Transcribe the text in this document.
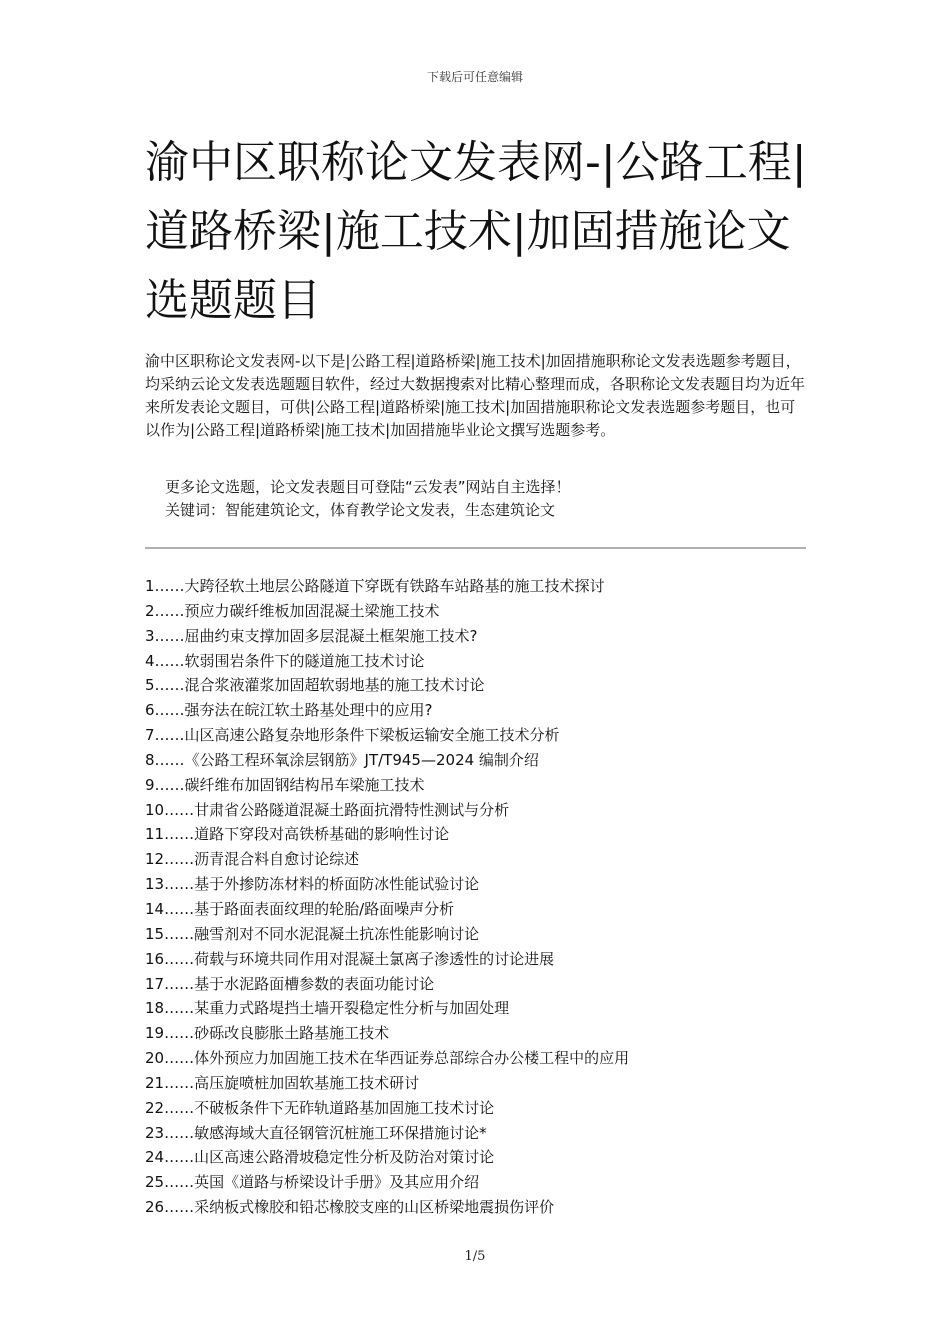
下载后可任意编辑
渝中区职称论文发表网-|公路工程|道路桥梁|施工技术|加固措施论文选题题目

渝中区职称论文发表网-以下是|公路工程|道路桥梁|施工技术|加固措施职称论文发表选题参考题目，均采纳云论文发表选题题目软件，经过大数据搜索对比精心整理而成，各职称论文发表题目均为近年来所发表论文题目，可供|公路工程|道路桥梁|施工技术|加固措施职称论文发表选题参考题目，也可以作为|公路工程|道路桥梁|施工技术|加固措施毕业论文撰写选题参考。

更多论文选题，论文发表题目可登陆“云发表”网站自主选择！
关键词：智能建筑论文，体育教学论文发表，生态建筑论文
1……大跨径软土地层公路隧道下穿既有铁路车站路基的施工技术探讨
2……预应力碳纤维板加固混凝土梁施工技术
3……屈曲约束支撑加固多层混凝土框架施工技术?
4……软弱围岩条件下的隧道施工技术讨论
5……混合浆液灌浆加固超软弱地基的施工技术讨论
6……强夯法在皖江软土路基处理中的应用?
7……山区高速公路复杂地形条件下梁板运输安全施工技术分析
8……《公路工程环氧涂层钢筋》JT/T945—2024 编制介绍
9……碳纤维布加固钢结构吊车梁施工技术
10……甘肃省公路隧道混凝土路面抗滑特性测试与分析
11……道路下穿段对高铁桥基础的影响性讨论
12……沥青混合料自愈讨论综述
13……基于外掺防冻材料的桥面防冰性能试验讨论
14……基于路面表面纹理的轮胎/路面噪声分析
15……融雪剂对不同水泥混凝土抗冻性能影响讨论
16……荷载与环境共同作用对混凝土氯离子渗透性的讨论进展
17……基于水泥路面槽参数的表面功能讨论
18……某重力式路堤挡土墙开裂稳定性分析与加固处理
19……砂砾改良膨胀土路基施工技术
20……体外预应力加固施工技术在华西证券总部综合办公楼工程中的应用
21……高压旋喷桩加固软基施工技术研讨
22……不破板条件下无砟轨道路基加固施工技术讨论
23……敏感海域大直径钢管沉桩施工环保措施讨论*
24……山区高速公路滑坡稳定性分析及防治对策讨论
25……英国《道路与桥梁设计手册》及其应用介绍
26……采纳板式橡胶和铅芯橡胶支座的山区桥梁地震损伤评价
1/5
